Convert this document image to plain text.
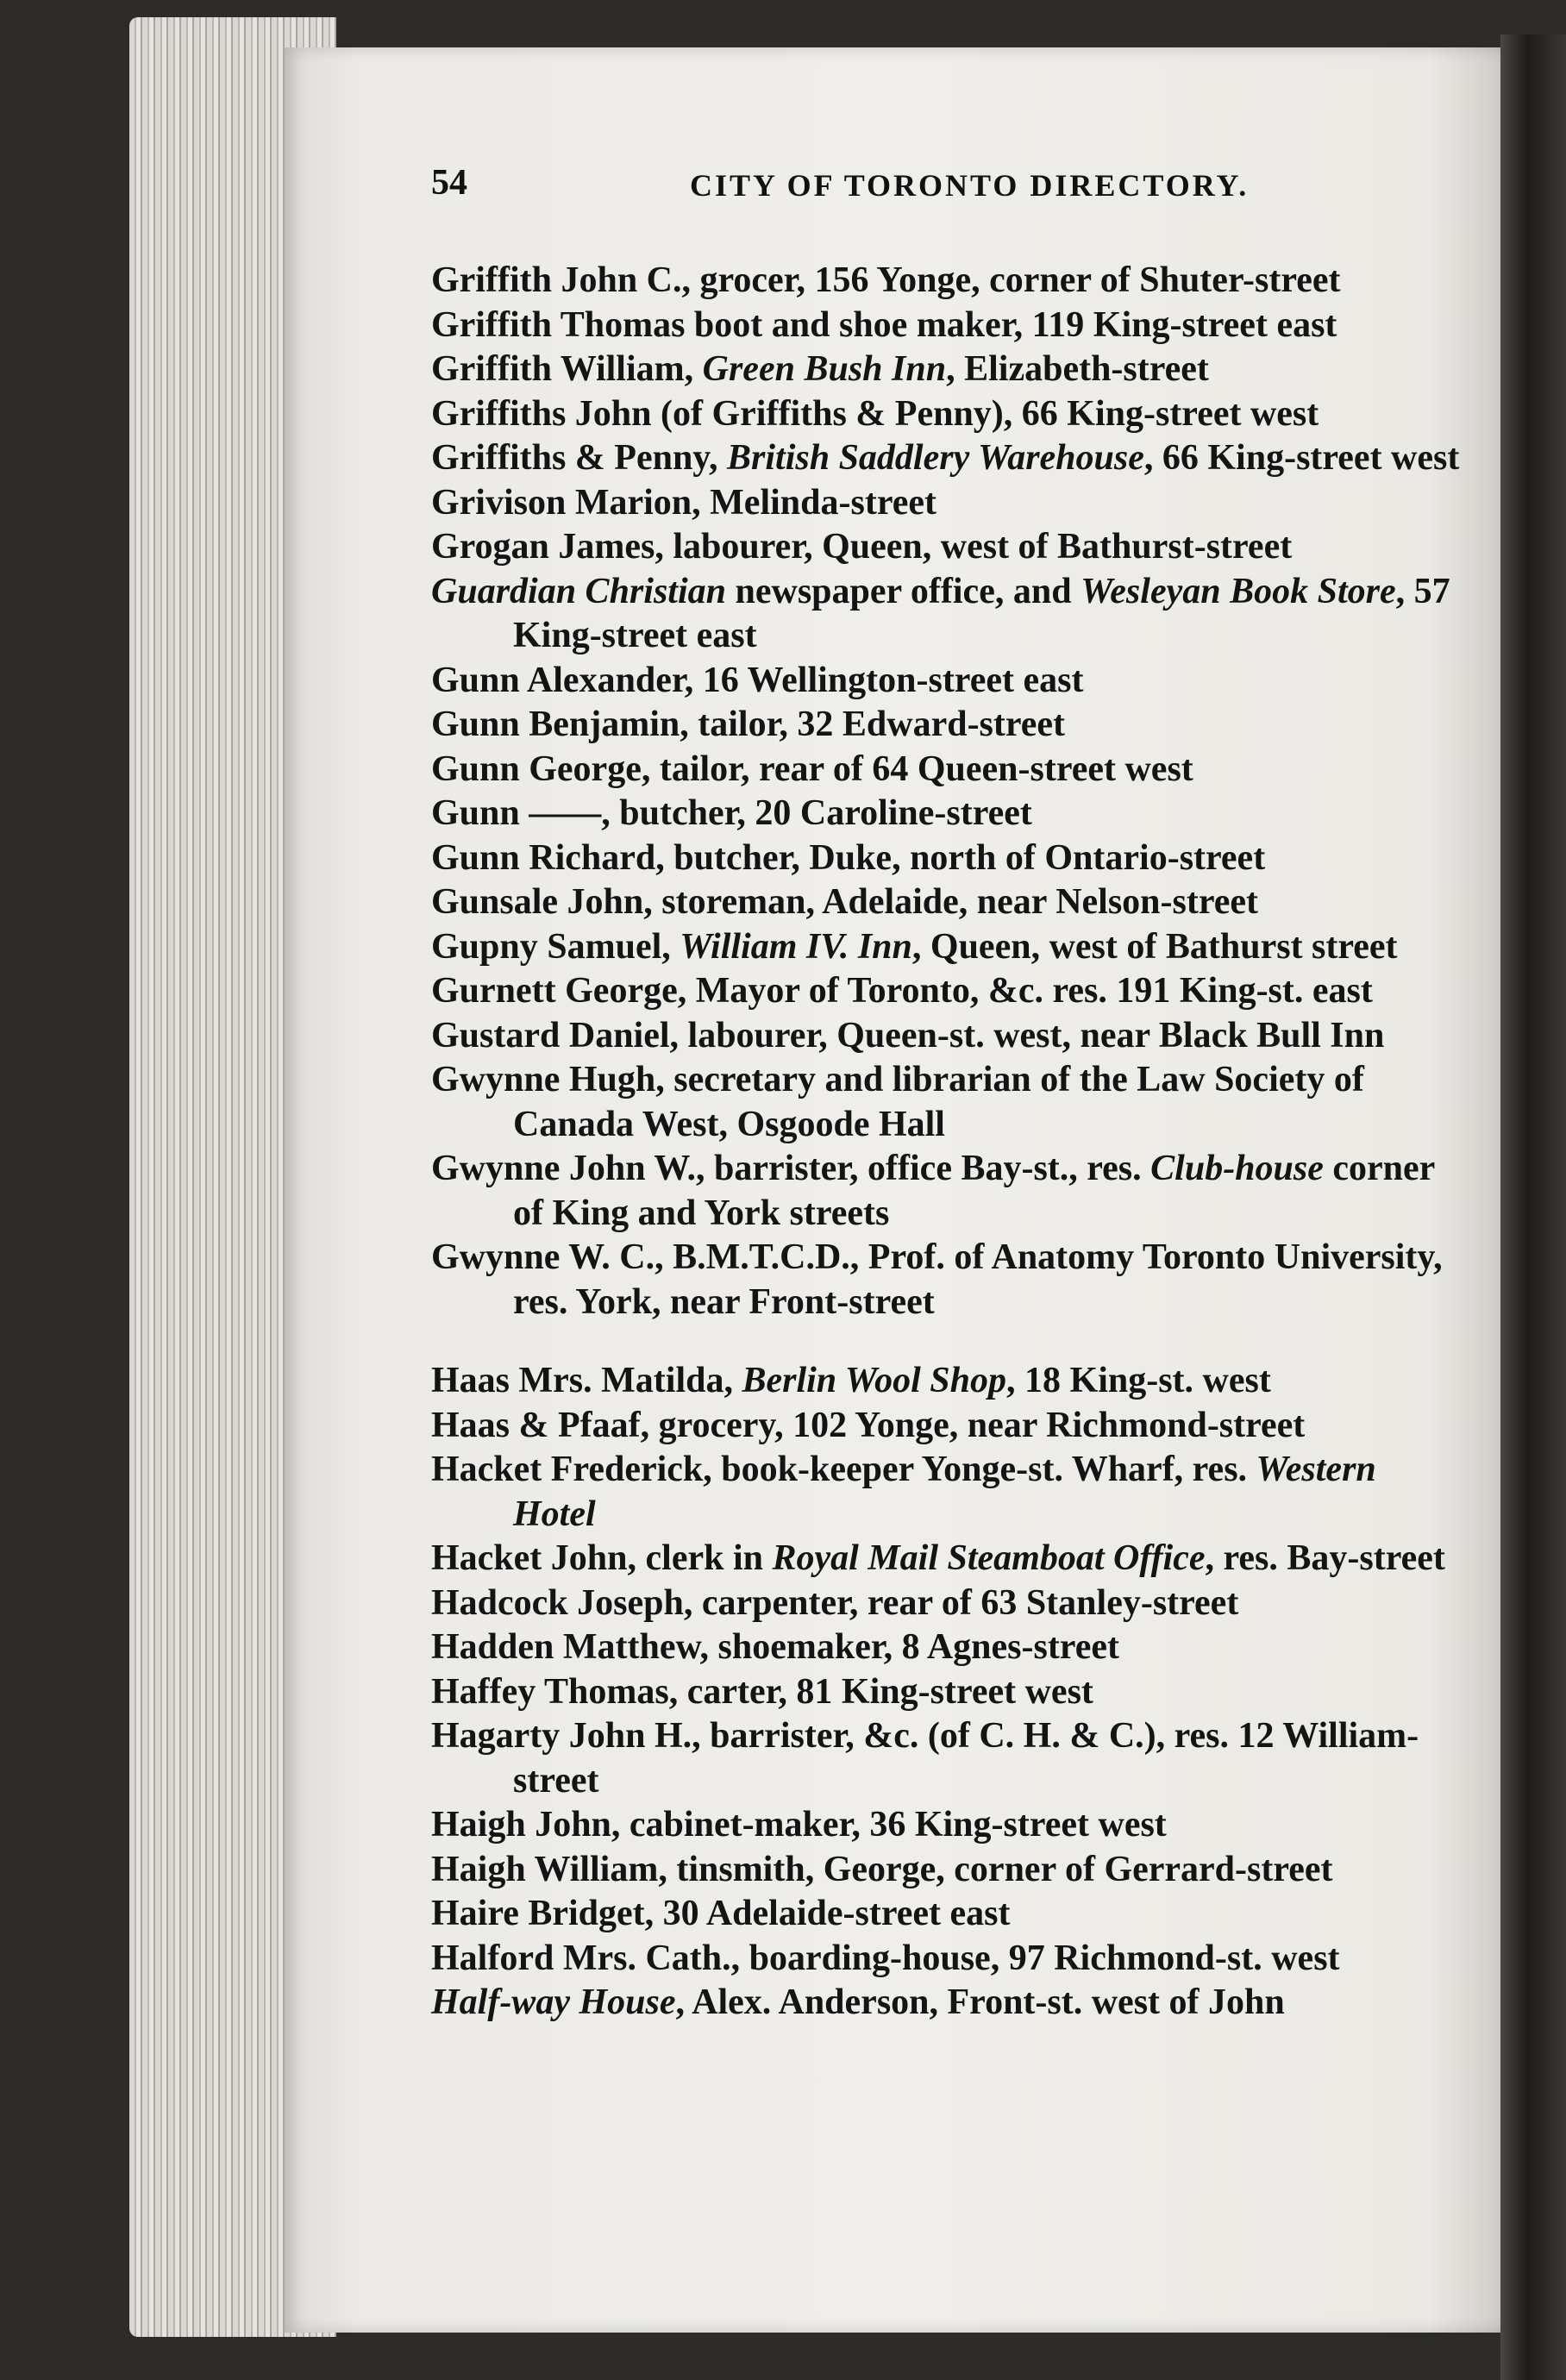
54	CITY OF TORONTO DIRECTORY.
Griffith John C., grocer, 156 Yonge, corner of Shuter-street
Griffith Thomas boot and shoe maker, 119 King-street east
Griffith William, Green Bush Inn, Elizabeth-street
Griffiths John (of Griffiths & Penny), 66 King-street west
Griffiths & Penny, British Saddlery Warehouse, 66 King-street west
Grivison Marion, Melinda-street
Grogan James, labourer, Queen, west of Bathurst-street
Guardian Christian newspaper office, and Wesleyan Book Store, 57 King-street east
Gunn Alexander, 16 Wellington-street east
Gunn Benjamin, tailor, 32 Edward-street
Gunn George, tailor, rear of 64 Queen-street west
Gunn ——, butcher, 20 Caroline-street
Gunn Richard, butcher, Duke, north of Ontario-street
Gunsale John, storeman, Adelaide, near Nelson-street
Gupny Samuel, William IV. Inn, Queen, west of Bathurst street
Gurnett George, Mayor of Toronto, &c. res. 191 King-st. east
Gustard Daniel, labourer, Queen-st. west, near Black Bull Inn
Gwynne Hugh, secretary and librarian of the Law Society of Canada West, Osgoode Hall
Gwynne John W., barrister, office Bay-st., res. Club-house corner of King and York streets
Gwynne W. C., B.M.T.C.D., Prof. of Anatomy Toronto University, res. York, near Front-street
Haas Mrs. Matilda, Berlin Wool Shop, 18 King-st. west
Haas & Pfaaf, grocery, 102 Yonge, near Richmond-street
Hacket Frederick, book-keeper Yonge-st. Wharf, res. Western Hotel
Hacket John, clerk in Royal Mail Steamboat Office, res. Bay-street
Hadcock Joseph, carpenter, rear of 63 Stanley-street
Hadden Matthew, shoemaker, 8 Agnes-street
Haffey Thomas, carter, 81 King-street west
Hagarty John H., barrister, &c. (of C. H. & C.), res. 12 William-street
Haigh John, cabinet-maker, 36 King-street west
Haigh William, tinsmith, George, corner of Gerrard-street
Haire Bridget, 30 Adelaide-street east
Halford Mrs. Cath., boarding-house, 97 Richmond-st. west
Half-way House, Alex. Anderson, Front-st. west of John
